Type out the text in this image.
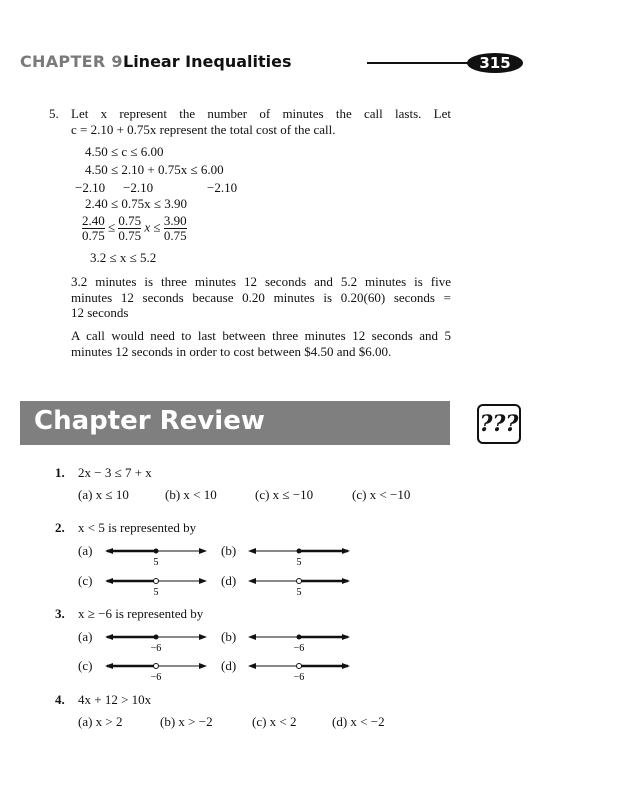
CHAPTER 9 Linear Inequalities	315
5. Let x represent the number of minutes the call lasts. Let
c = 2.10 + 0.75x represent the total cost of the call.
4.50 ≤ c ≤ 6.00
4.50 ≤ 2.10 + 0.75x ≤ 6.00
−2.10 −2.10	−2.10
2.40 ≤ 0.75x ≤ 3.90
$\frac{2.40}{0.75} \le \frac{0.75}{0.75}$ $x \le \frac{3.90}{0.75}$
3.2 ≤ x ≤ 5.2
3.2 minutes is three minutes 12 seconds and 5.2 minutes is five
minutes 12 seconds because 0.20 minutes is 0.20(60) seconds =
12 seconds
A call would need to last between three minutes 12 seconds and 5
minutes 12 seconds in order to cost between $4.50 and $6.00.
Chapter Review	???
1. 2x − 3 ≤ 7 + x
(a) x ≤ 10	(b) x < 10	(c) x ≤ −10	(c) x < −10
2. x < 5 is represented by
(a)	(b)
(c)	(d)
5	5
5	5
3. x ≥ −6 is represented by
(a)	(b)
(c)	(d)
−6	−6
−6	−6
4. 4x + 12 > 10x
(a) x > 2	(b) x > −2	(c) x < 2	(d) x < −2
